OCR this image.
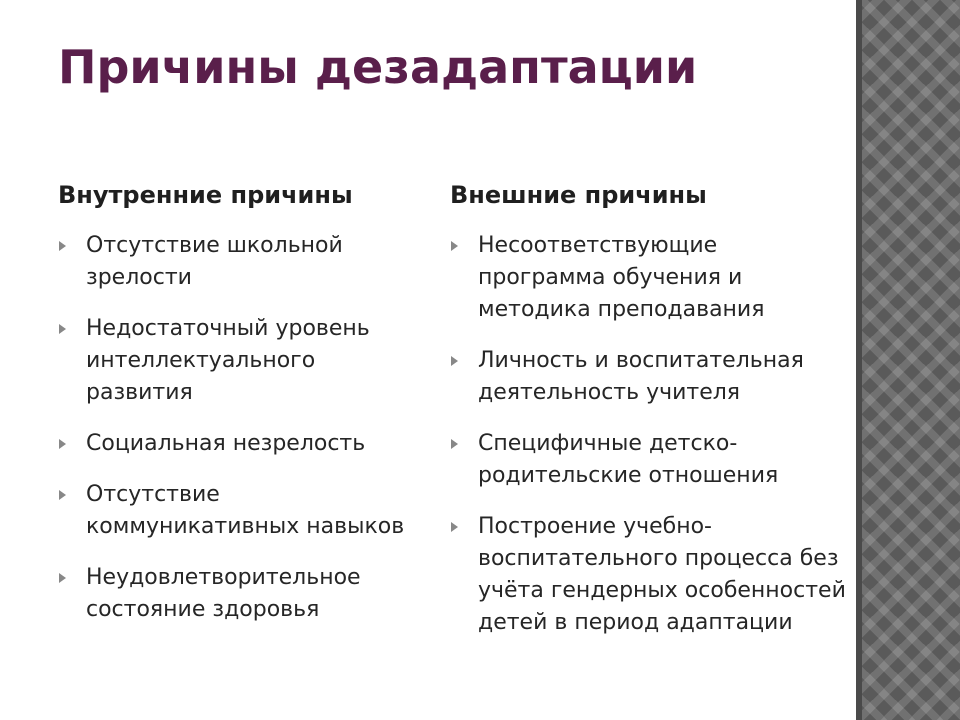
Причины дезадаптации
Внутренние причины
Отсутствие школьной зрелости
Недостаточный уровень интеллектуального развития
Социальная незрелость
Отсутствие коммуникативных навыков
Неудовлетворительное состояние здоровья
Внешние причины
Несоответствующие программа обучения и методика преподавания
Личность и воспитательная деятельность учителя
Специфичные детско-родительские отношения
Построение учебно-воспитательного процесса без учёта гендерных особенностей детей в период адаптации
